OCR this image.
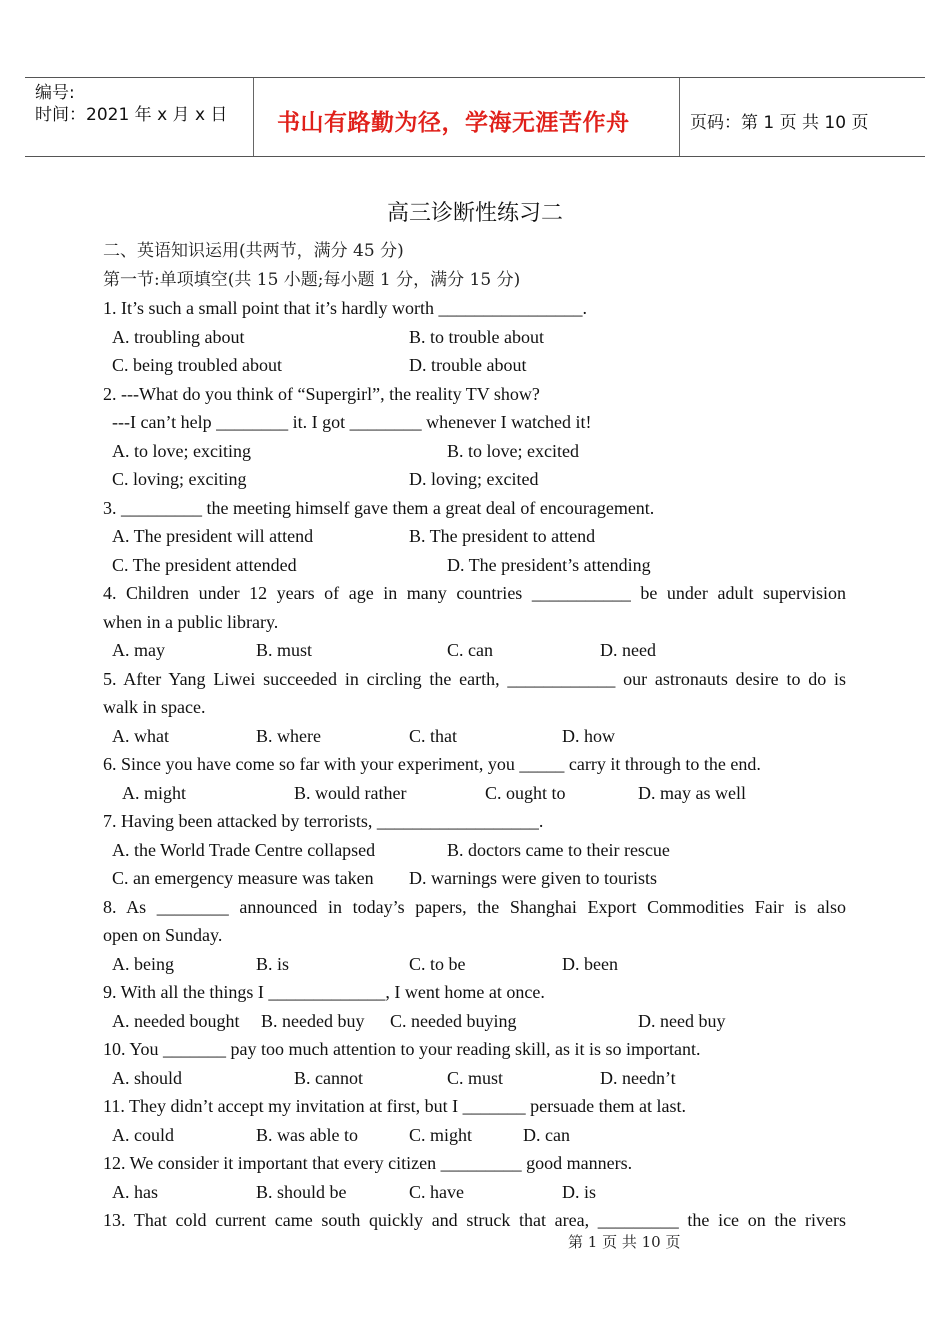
编号:
时间：2021 年 x 月 x 日 书山有路勤为径，学海无涯苦作舟	页码：第 1 页 共 10 页
高三诊断性练习二
二、英语知识运用(共两节，满分 45 分)
第一节:单项填空(共 15 小题;每小题 1 分，满分 15 分)
1. It’s such a small point that it’s hardly worth ________________.
A. troubling about	B. to trouble about
C. being troubled about	D. trouble about
2. ---What do you think of “Supergirl”, the reality TV show?
---I can’t help ________ it. I got ________ whenever I watched it!
A. to love; exciting	B. to love; excited
C. loving; exciting	D. loving; excited
3. _________ the meeting himself gave them a great deal of encouragement.
A. The president will attend	B. The president to attend
C. The president attended	D. The president’s attending
4. Children under 12 years of age in many countries ___________ be under adult supervision
when in a public library.
A. may	B. must	C. can	D. need
5. After Yang Liwei succeeded in circling the earth, ____________ our astronauts desire to do is
walk in space.
A. what	B. where	C. that	D. how
6. Since you have come so far with your experiment, you _____ carry it through to the end.
A. might	B. would rather	C. ought to	D. may as well
7. Having been attacked by terrorists, __________________.
A. the World Trade Centre collapsed	B. doctors came to their rescue
C. an emergency measure was taken D. warnings were given to tourists
8. As ________ announced in today’s papers, the Shanghai Export Commodities Fair is also
open on Sunday.
A. being	B. is	C. to be	D. been
9. With all the things I _____________, I went home at once.
A. needed bought B. needed buy C. needed buying	D. need buy
10. You _______ pay too much attention to your reading skill, as it is so important.
A. should	B. cannot	C. must	D. needn’t
11. They didn’t accept my invitation at first, but I _______ persuade them at last.
A. could	B. was able to	C. might	D. can
12. We consider it important that every citizen _________ good manners.
A. has	B. should be	C. have	D. is
13. That cold current came south quickly and struck that area, _________ the ice on the rivers
第 1 页 共 10 页
